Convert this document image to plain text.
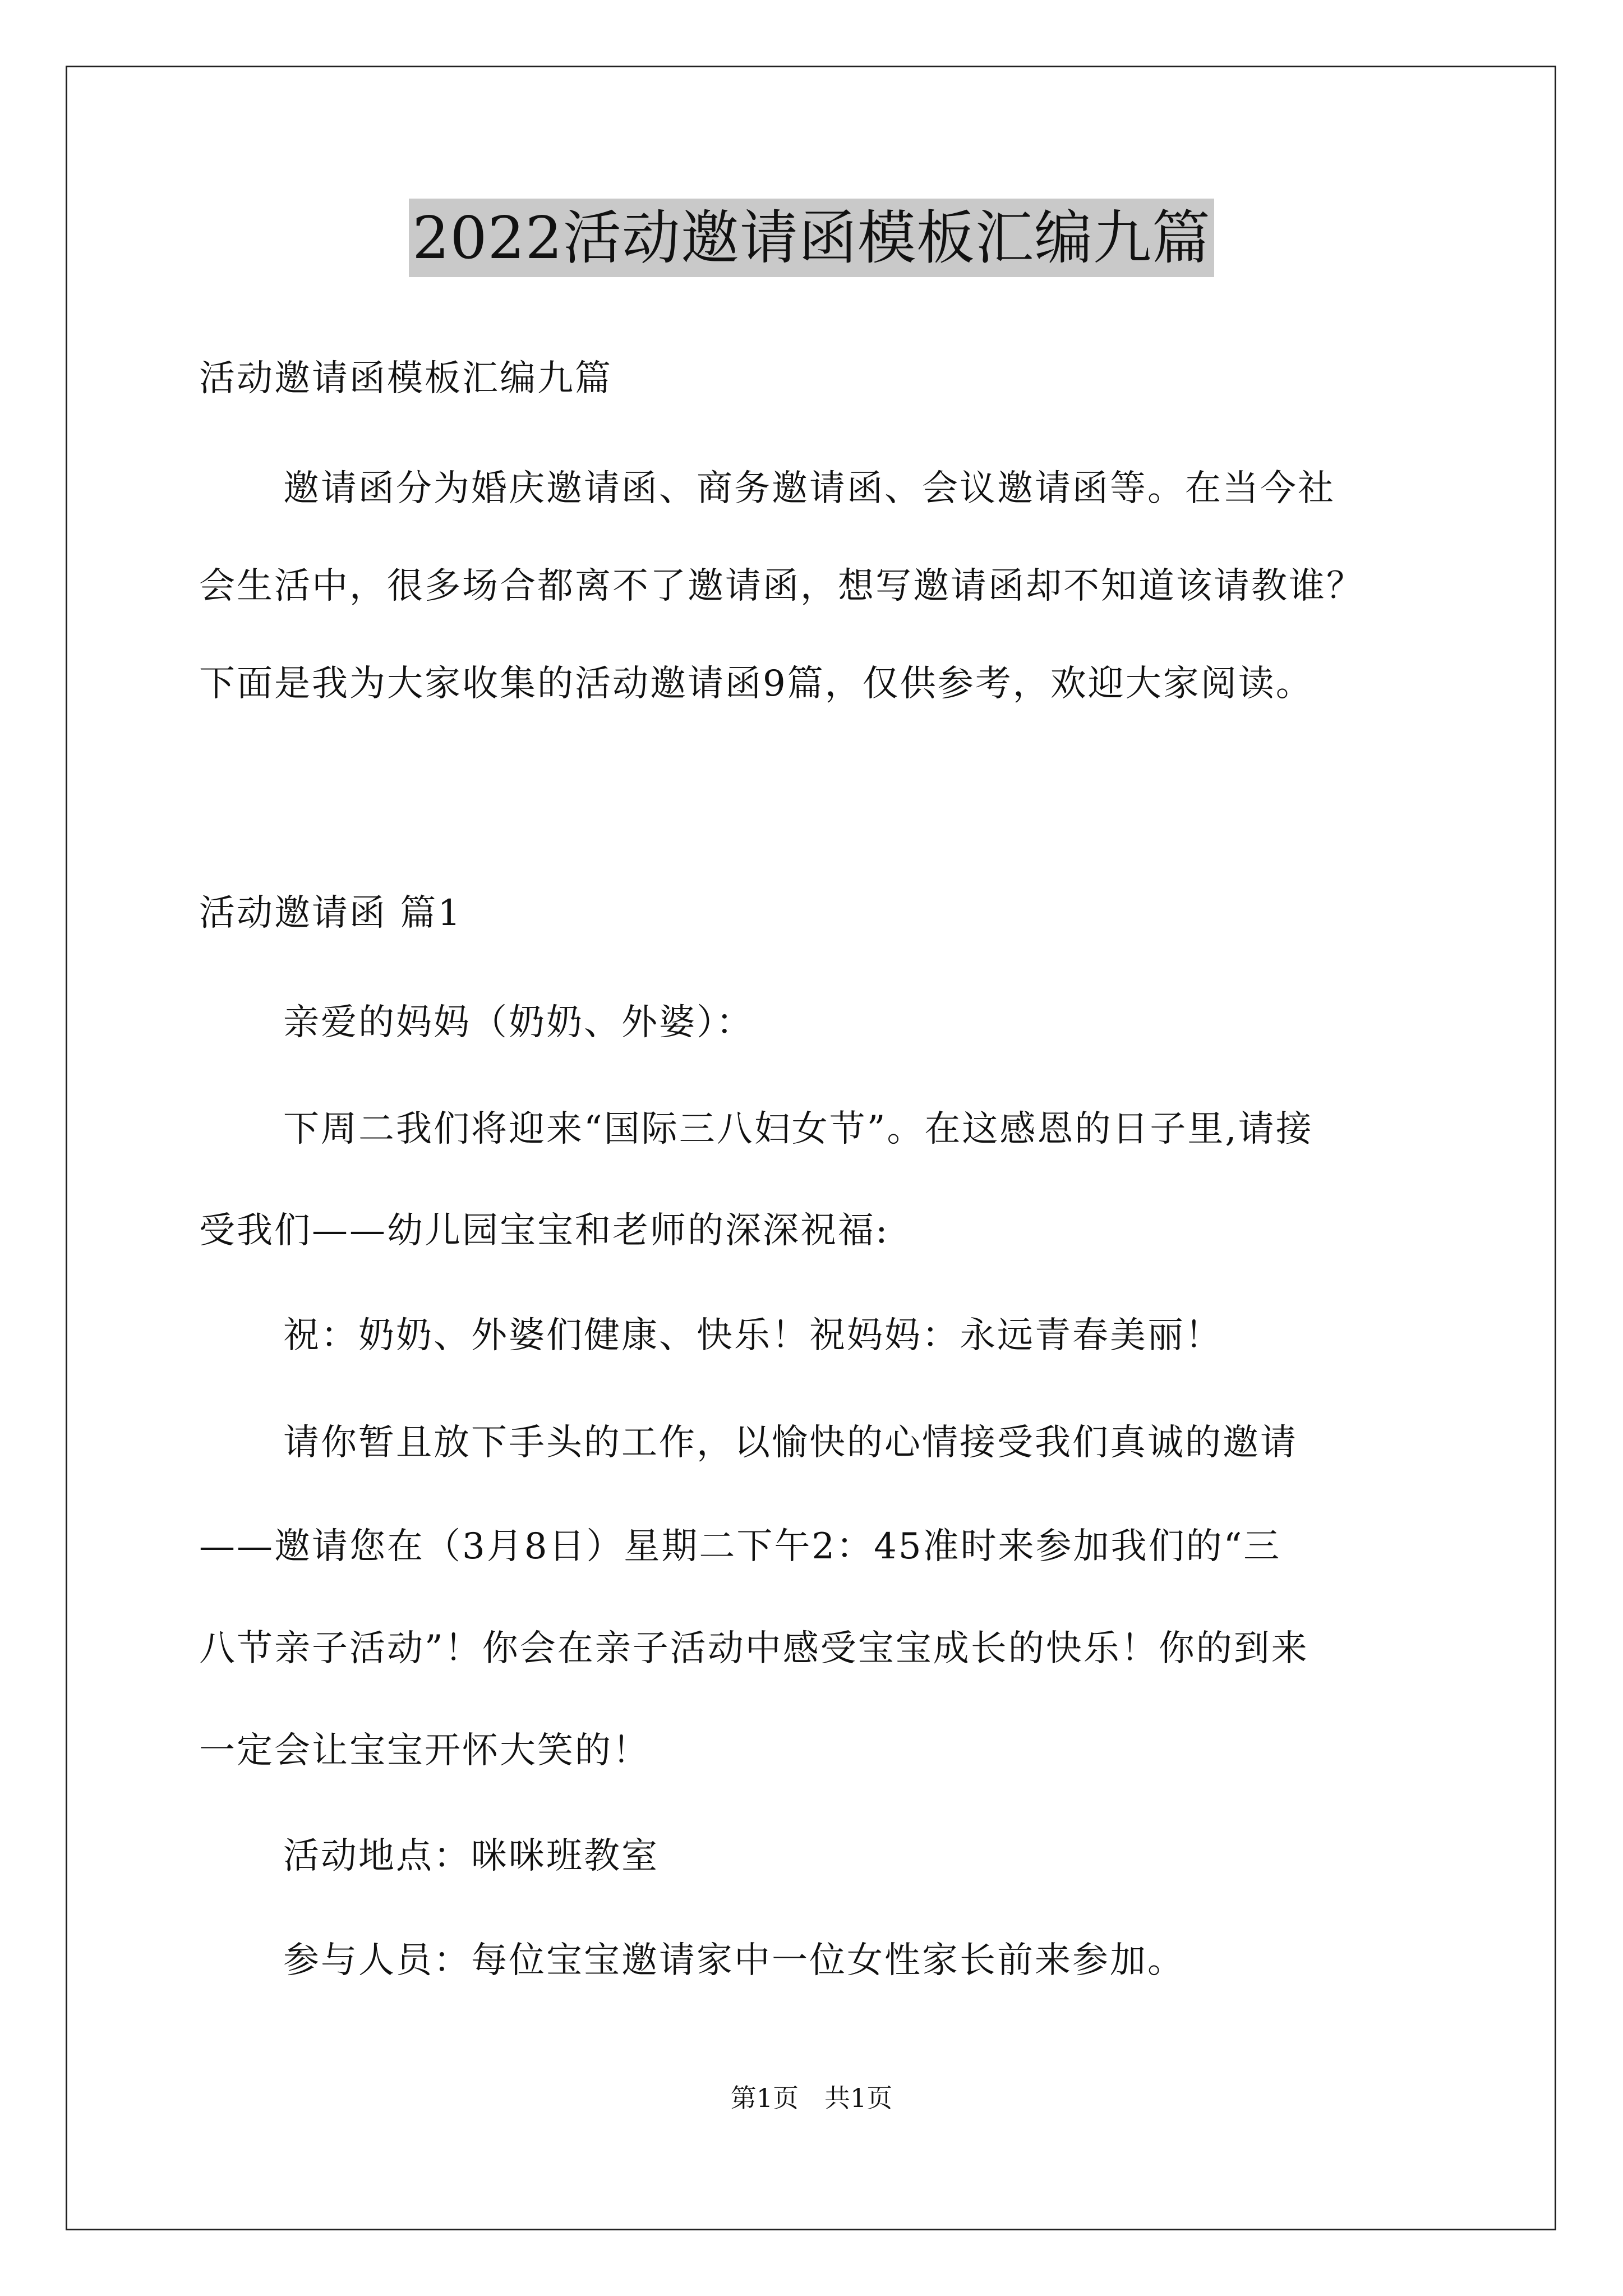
2022活动邀请函模板汇编九篇
活动邀请函模板汇编九篇
邀请函分为婚庆邀请函、商务邀请函、会议邀请函等。在当今社
会生活中，很多场合都离不了邀请函，想写邀请函却不知道该请教谁？
下面是我为大家收集的活动邀请函9篇，仅供参考，欢迎大家阅读。
活动邀请函 篇1
亲爱的妈妈（奶奶、外婆）：
下周二我们将迎来“国际三八妇女节”。在这感恩的日子里,请接
受我们——幼儿园宝宝和老师的深深祝福:
祝：奶奶、外婆们健康、快乐！祝妈妈：永远青春美丽！
请你暂且放下手头的工作，以愉快的心情接受我们真诚的邀请
——邀请您在（3月8日）星期二下午2：45准时来参加我们的“三
八节亲子活动”！你会在亲子活动中感受宝宝成长的快乐！你的到来
一定会让宝宝开怀大笑的！
活动地点：咪咪班教室
参与人员：每位宝宝邀请家中一位女性家长前来参加。
第1页　共1页
